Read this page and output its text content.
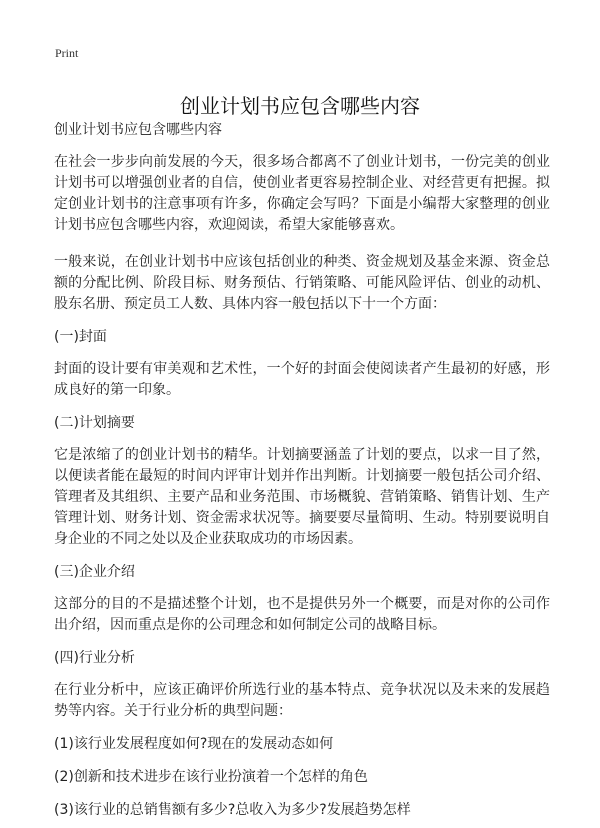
Print
创业计划书应包含哪些内容

创业计划书应包含哪些内容

在社会一步步向前发展的今天，很多场合都离不了创业计划书，一份完美的创业计划书可以增强创业者的自信，使创业者更容易控制企业、对经营更有把握。拟定创业计划书的注意事项有许多，你确定会写吗？下面是小编帮大家整理的创业计划书应包含哪些内容，欢迎阅读，希望大家能够喜欢。

一般来说，在创业计划书中应该包括创业的种类、资金规划及基金来源、资金总额的分配比例、阶段目标、财务预估、行销策略、可能风险评估、创业的动机、股东名册、预定员工人数、具体内容一般包括以下十一个方面：

(一)封面

封面的设计要有审美观和艺术性，一个好的封面会使阅读者产生最初的好感，形成良好的第一印象。

(二)计划摘要

它是浓缩了的创业计划书的精华。计划摘要涵盖了计划的要点，以求一目了然，以便读者能在最短的时间内评审计划并作出判断。计划摘要一般包括公司介绍、管理者及其组织、主要产品和业务范围、市场概貌、营销策略、销售计划、生产管理计划、财务计划、资金需求状况等。摘要要尽量简明、生动。特别要说明自身企业的不同之处以及企业获取成功的市场因素。

(三)企业介绍

这部分的目的不是描述整个计划，也不是提供另外一个概要，而是对你的公司作出介绍，因而重点是你的公司理念和如何制定公司的战略目标。

(四)行业分析

在行业分析中，应该正确评价所选行业的基本特点、竞争状况以及未来的发展趋势等内容。关于行业分析的典型问题：

(1)该行业发展程度如何?现在的发展动态如何

(2)创新和技术进步在该行业扮演着一个怎样的角色

(3)该行业的总销售额有多少?总收入为多少?发展趋势怎样
